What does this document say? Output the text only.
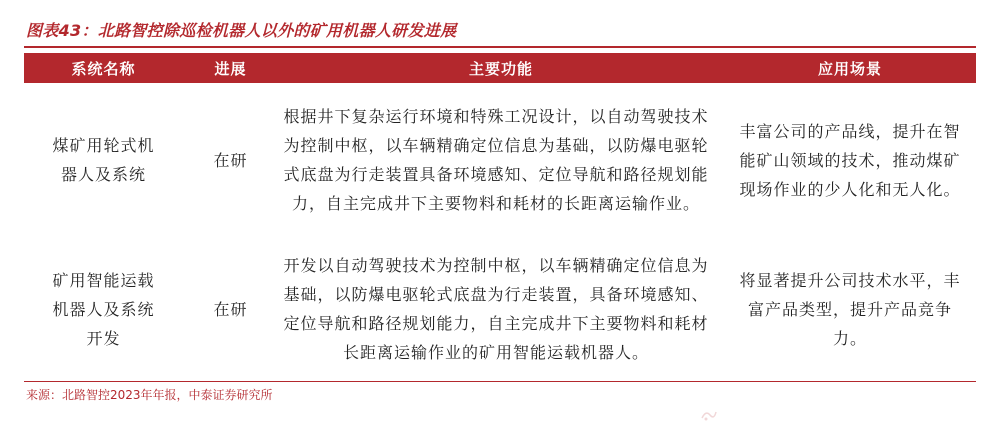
图表43：北路智控除巡检机器人以外的矿用机器人研发进展
系统名称	进展	主要功能	应用场景
煤矿用轮式机器人及系统	在研	根据井下复杂运行环境和特殊工况设计，以自动驾驶技术为控制中枢，以车辆精确定位信息为基础，以防爆电驱轮式底盘为行走装置具备环境感知、定位导航和路径规划能力，自主完成井下主要物料和耗材的长距离运输作业。	丰富公司的产品线，提升在智能矿山领域的技术，推动煤矿现场作业的少人化和无人化。
矿用智能运载机器人及系统开发	在研	开发以自动驾驶技术为控制中枢，以车辆精确定位信息为基础，以防爆电驱轮式底盘为行走装置，具备环境感知、定位导航和路径规划能力，自主完成井下主要物料和耗材长距离运输作业的矿用智能运载机器人。	将显著提升公司技术水平，丰富产品类型，提升产品竞争力。
来源：北路智控2023年年报，中泰证券研究所
